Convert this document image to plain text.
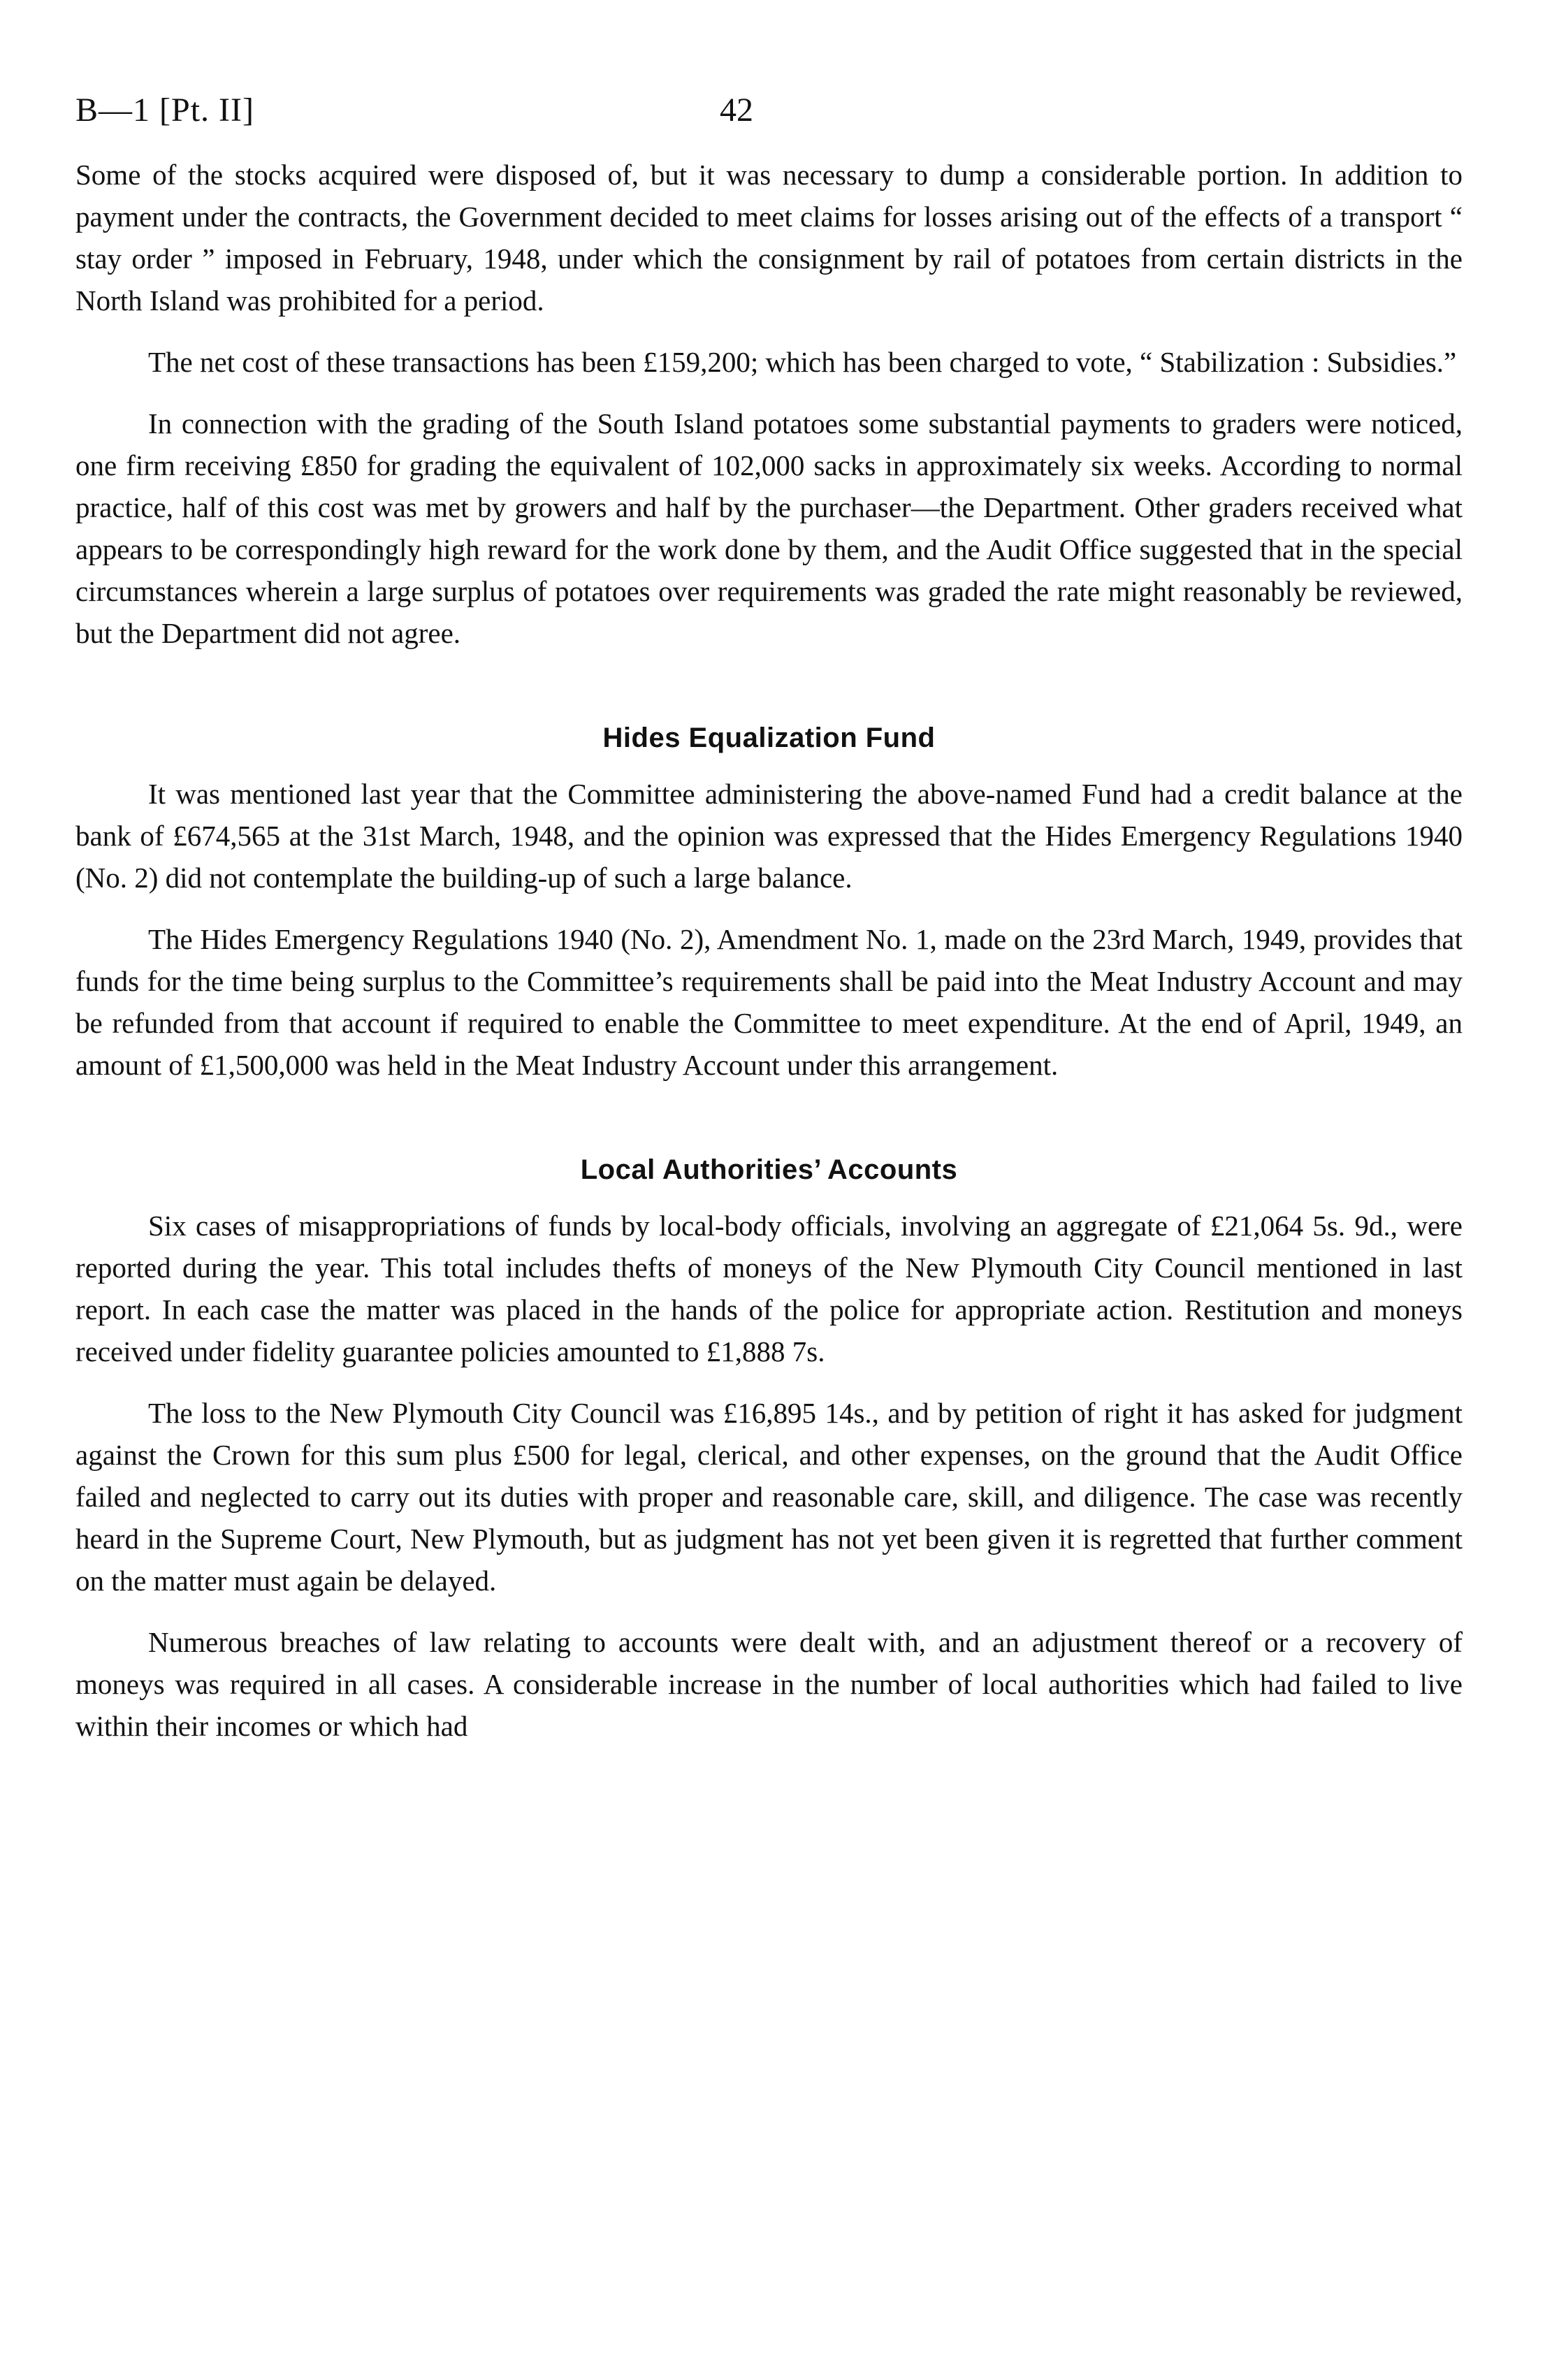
B—1 [Pt. II]	42

Some of the stocks acquired were disposed of, but it was necessary to dump a considerable portion. In addition to payment under the contracts, the Government decided to meet claims for losses arising out of the effects of a transport “ stay order ” imposed in February, 1948, under which the consignment by rail of potatoes from certain districts in the North Island was prohibited for a period.

The net cost of these transactions has been £159,200; which has been charged to vote, “ Stabilization : Subsidies.”

In connection with the grading of the South Island potatoes some substantial payments to graders were noticed, one firm receiving £850 for grading the equivalent of 102,000 sacks in approximately six weeks. According to normal practice, half of this cost was met by growers and half by the purchaser—the Department. Other graders received what appears to be correspondingly high reward for the work done by them, and the Audit Office suggested that in the special circumstances wherein a large surplus of potatoes over requirements was graded the rate might reasonably be reviewed, but the Department did not agree.

Hides Equalization Fund

It was mentioned last year that the Committee administering the above-named Fund had a credit balance at the bank of £674,565 at the 31st March, 1948, and the opinion was expressed that the Hides Emergency Regulations 1940 (No. 2) did not contemplate the building-up of such a large balance.

The Hides Emergency Regulations 1940 (No. 2), Amendment No. 1, made on the 23rd March, 1949, provides that funds for the time being surplus to the Committee’s requirements shall be paid into the Meat Industry Account and may be refunded from that account if required to enable the Committee to meet expenditure. At the end of April, 1949, an amount of £1,500,000 was held in the Meat Industry Account under this arrangement.

Local Authorities’ Accounts

Six cases of misappropriations of funds by local-body officials, involving an aggregate of £21,064 5s. 9d., were reported during the year. This total includes thefts of moneys of the New Plymouth City Council mentioned in last report. In each case the matter was placed in the hands of the police for appropriate action. Restitution and moneys received under fidelity guarantee policies amounted to £1,888 7s.

The loss to the New Plymouth City Council was £16,895 14s., and by petition of right it has asked for judgment against the Crown for this sum plus £500 for legal, clerical, and other expenses, on the ground that the Audit Office failed and neglected to carry out its duties with proper and reasonable care, skill, and diligence. The case was recently heard in the Supreme Court, New Plymouth, but as judgment has not yet been given it is regretted that further comment on the matter must again be delayed.

Numerous breaches of law relating to accounts were dealt with, and an adjustment thereof or a recovery of moneys was required in all cases. A considerable increase in the number of local authorities which had failed to live within their incomes or which had
